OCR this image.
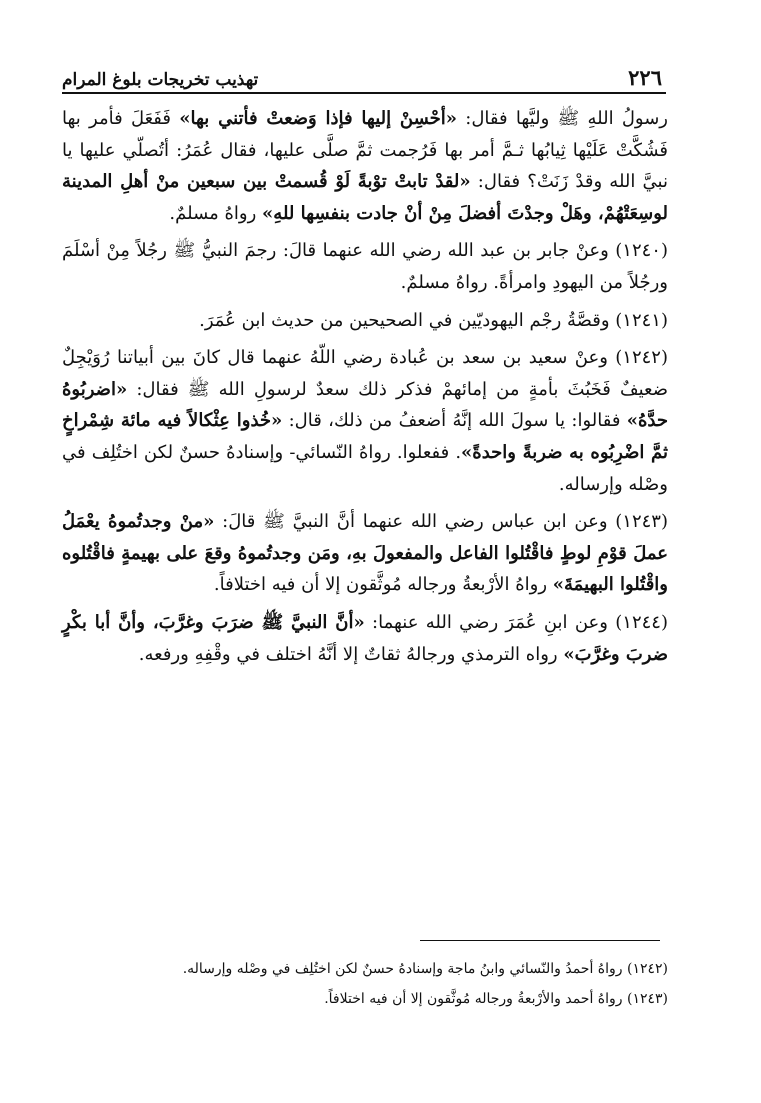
٢٢٦
تهذيب تخريجات بلوغ المرام

رسولُ اللهِ ﷺ وليَّها فقال: «أحْسِنْ إليها فإذا وَضعتْ فأتني بها» فَفَعَلَ فأمر بها فَشُكَّتْ عَلَيْها ثِيابُها ثـمَّ أمر بها فَرُجمت ثمَّ صلَّى عليها، فقال عُمَرُ: أتُصلّي عليها يا نبيَّ الله وقدْ زَنَتْ؟ فقال: «لقدْ تابتْ توْبةً لَوْ قُسمتْ بين سبعين منْ أهلِ المدينة لوسِعَتْهُمْ، وهَلْ وجدْتَ أفضلَ مِنْ أنْ جادت بنفسِها للهِ» رواهُ مسلمٌ.

(١٢٤٠) وعنْ جابر بن عبد الله رضي الله عنهما قالَ: رجمَ النبيُّ ﷺ رجُلاً مِنْ أسْلَمَ ورجُلاً من اليهودِ وامرأةً. رواهُ مسلمٌ.

(١٢٤١) وقصَّةُ رجْم اليهوديّين في الصحيحين من حديث ابن عُمَرَ.

(١٢٤٢) وعنْ سعيد بن سعد بن عُبادة رضي اللّهُ عنهما قال كانَ بين أبياتنا رُوَيْجِلٌ ضعيفٌ فَخَبُثَ بأمةٍ من إمائهمْ فذكر ذلك سعدٌ لرسولِ الله ﷺ فقال: «اضربُوهُ حدَّهُ» فقالوا: يا سولَ الله إنَّهُ أضعفُ من ذلك، قال: «خُذوا عِثْكالاً فيه مائة شِمْراخٍ ثمَّ اضْرِبُوه به ضربةً واحدةً». ففعلوا. رواهُ النّسائي- وإسنادهُ حسنٌ لكن اختُلِف في وصْله وإرساله.

(١٢٤٣) وعن ابن عباس رضي الله عنهما أنَّ النبيَّ ﷺ قالَ: «منْ وجدتُموهُ يعْمَلُ عملَ قوْمِ لوطٍ فاقْتُلوا الفاعل والمفعولَ بهِ، ومَن وجدتُموهُ وقعَ على بهيمةٍ فاقْتُلوه واقْتُلوا البهيمَةَ» رواهُ الأرْبعةُ ورجاله مُوثَّقون إلا أن فيه اختلافاً.

(١٢٤٤) وعن ابنِ عُمَرَ رضي الله عنهما: «أنَّ النبيَّ ﷺ ضرَبَ وغرَّبَ، وأنَّ أبا بكْرٍ ضربَ وغرَّبَ» رواه الترمذي ورجالهُ ثقاتٌ إلا أنَّهُ اختلف في وقْفِهِ ورفعه.

(١٢٤٢) رواهُ أحمدُ والنّسائي وابنُ ماجة وإسنادهُ حسنٌ لكن اختُلِف في وصْله وإرساله.

(١٢٤٣) رواهُ أحمد والأرْبعةُ ورجاله مُوثَّقون إلا أن فيه اختلافاً.
